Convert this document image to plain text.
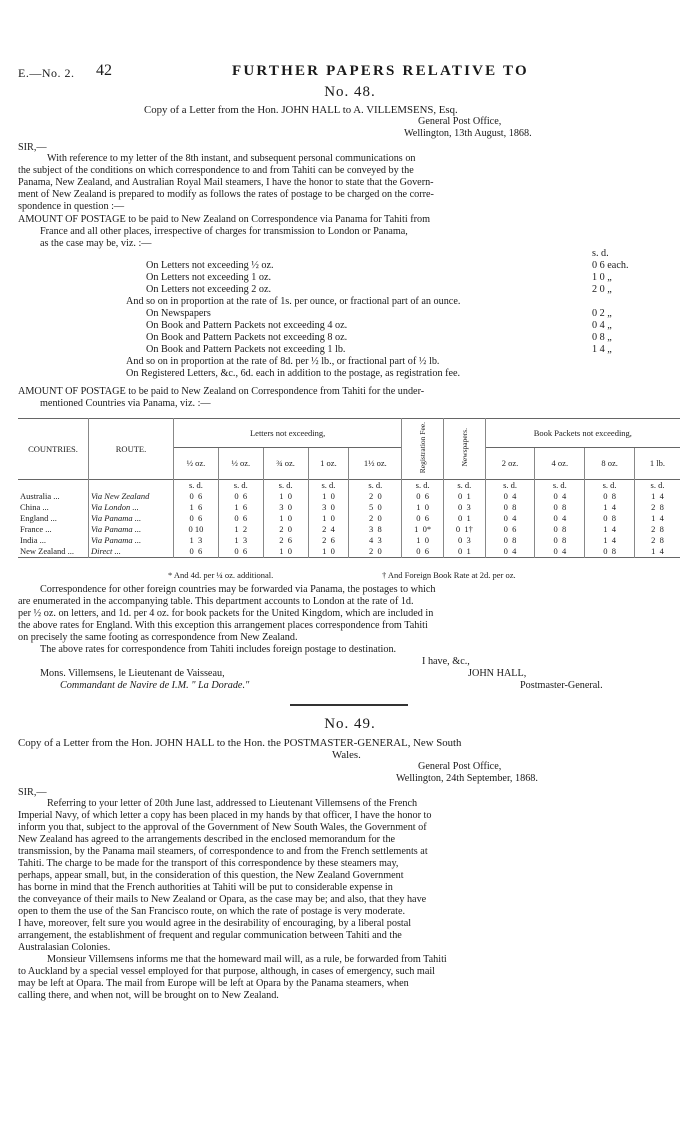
E.—No. 2. 42	FURTHER PAPERS RELATIVE TO
No. 48.
Copy of a Letter from the Hon. JOHN HALL to A. VILLEMSENS, Esq.
General Post Office,
Wellington, 13th August, 1868.
SIR,—
With reference to my letter of the 8th instant, and subsequent personal communications on
the subject of the conditions on which correspondence to and from Tahiti can be conveyed by the
Panama, New Zealand, and Australian Royal Mail steamers, I have the honor to state that the Govern-
ment of New Zealand is prepared to modify as follows the rates of postage to be charged on the corre-
spondence in question :—
AMOUNT OF POSTAGE to be paid to New Zealand on Correspondence via Panama for Tahiti from
France and all other places, irrespective of charges for transmission to London or Panama,
as the case may be, viz. :—
s. d.
On Letters not exceeding ½ oz.	0 6 each.
On Letters not exceeding 1 oz.	1 0 „
On Letters not exceeding 2 oz.	2 0 „
And so on in proportion at the rate of 1s. per ounce, or fractional part of an ounce.
On Newspapers	0 2 „
On Book and Pattern Packets not exceeding 4 oz.	0 4 „
On Book and Pattern Packets not exceeding 8 oz.	0 8 „
On Book and Pattern Packets not exceeding 1 lb.	1 4 „
And so on in proportion at the rate of 8d. per ½ lb., or fractional part of ½ lb.
On Registered Letters, &c., 6d. each in addition to the postage, as registration fee.
AMOUNT OF POSTAGE to be paid to New Zealand on Correspondence from Tahiti for the under-
mentioned Countries via Panama, viz. :—
COUNTRIES.	ROUTE.	Letters not exceeding,					Registration Fee.	Newspapers.	Book Packets not exceeding,			
		½ oz.	½ oz.	¾ oz.	1 oz.	1½ oz.			2 oz.	4 oz.	8 oz.	1 lb.
		s. d.	s. d.	s. d.	s. d.	s. d.	s. d.	s. d.	s. d.	s. d.	s. d.	s. d.
Australia ...	Via New Zealand	0  6	0  6	1  0	1  0	2  0	0  6	0  1	0  4	0  4	0  8	1  4
China ...	Via London ...	1  6	1  6	3  0	3  0	5  0	1  0	0  3	0  8	0  8	1  4	2  8
England ...	Via Panama ...	0  6	0  6	1  0	1  0	2  0	0  6	0  1	0  4	0  4	0  8	1  4
France ...	Via Panama ...	0 10	1  2	2  0	2  4	3  8	1  0*	0  1†	0  6	0  8	1  4	2  8
India ...	Via Panama ...	1  3	1  3	2  6	2  6	4  3	1  0	0  3	0  8	0  8	1  4	2  8
New Zealand ...	Direct ...	0  6	0  6	1  0	1  0	2  0	0  6	0  1	0  4	0  4	0  8	1  4
* And 4d. per ¼ oz. additional.	† And Foreign Book Rate at 2d. per oz.
Correspondence for other foreign countries may be forwarded via Panama, the postages to which
are enumerated in the accompanying table. This department accounts to London at the rate of 1d.
per ½ oz. on letters, and 1d. per 4 oz. for book packets for the United Kingdom, which are included in
the above rates for England. With this exception this arrangement places correspondence from Tahiti
on precisely the same footing as correspondence from New Zealand.
The above rates for correspondence from Tahiti includes foreign postage to destination.
I have, &c.,
Mons. Villemsens, le Lieutenant de Vaisseau,	JOHN HALL,
Commandant de Navire de I.M. " La Dorade."	Postmaster-General.
No. 49.
Copy of a Letter from the Hon. JOHN HALL to the Hon. the POSTMASTER-GENERAL, New South
Wales.
General Post Office,
Wellington, 24th September, 1868.
SIR,—
Referring to your letter of 20th June last, addressed to Lieutenant Villemsens of the French
Imperial Navy, of which letter a copy has been placed in my hands by that officer, I have the honor to
inform you that, subject to the approval of the Government of New South Wales, the Government of
New Zealand has agreed to the arrangements described in the enclosed memorandum for the
transmission, by the Panama mail steamers, of correspondence to and from the French settlements at
Tahiti. The charge to be made for the transport of this correspondence by these steamers may,
perhaps, appear small, but, in the consideration of this question, the New Zealand Government
has borne in mind that the French authorities at Tahiti will be put to considerable expense in
the conveyance of their mails to New Zealand or Opara, as the case may be; and also, that they have
open to them the use of the San Francisco route, on which the rate of postage is very moderate.
I have, moreover, felt sure you would agree in the desirability of encouraging, by a liberal postal
arrangement, the establishment of frequent and regular communication between Tahiti and the
Australasian Colonies.
Monsieur Villemsens informs me that the homeward mail will, as a rule, be forwarded from Tahiti
to Auckland by a special vessel employed for that purpose, although, in cases of emergency, such mail
may be left at Opara. The mail from Europe will be left at Opara by the Panama steamers, when
calling there, and when not, will be brought on to New Zealand.
